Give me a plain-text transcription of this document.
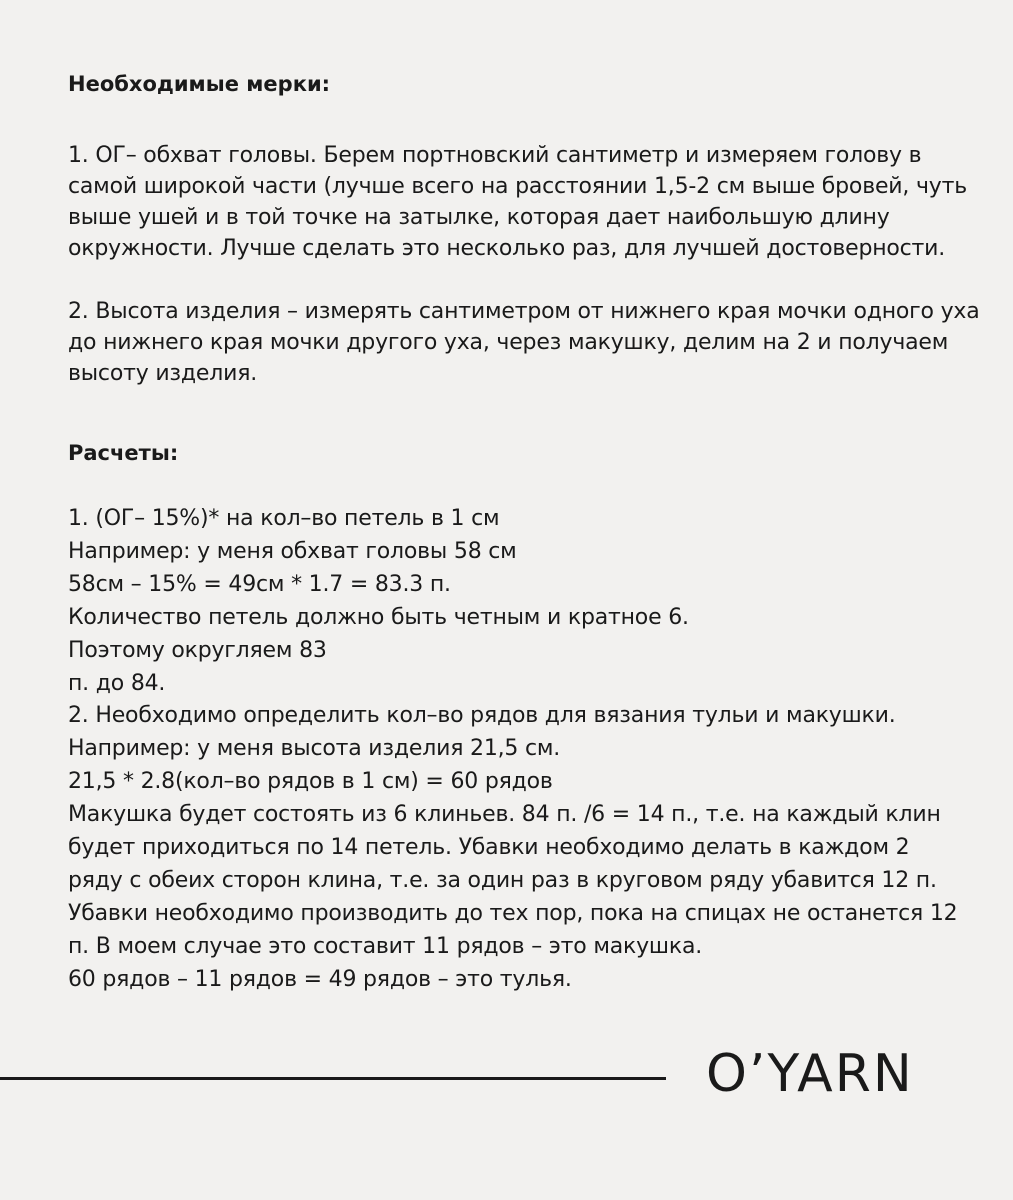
Необходимые мерки:

1. ОГ– обхват головы. Берем портновский сантиметр и измеряем голову в самой широкой части (лучше всего на расстоянии 1,5-2 см выше бровей, чуть выше ушей и в той точке на затылке, которая дает наибольшую длину окружности. Лучше сделать это несколько раз, для лучшей достоверности.

2. Высота изделия – измерять сантиметром от нижнего края мочки одного уха до нижнего края мочки другого уха, через макушку, делим на 2 и получаем высоту изделия.

Расчеты:

1. (ОГ– 15%)* на кол–во петель в 1 см

Например: у меня обхват головы 58 см

58см – 15% = 49см * 1.7 = 83.3 п.

Количество петель должно быть четным и кратное 6.

Поэтому округляем 83

п. до 84.

2. Необходимо определить кол–во рядов для вязания тульи и макушки.

Например: у меня высота изделия 21,5 см.

21,5 * 2.8(кол–во рядов в 1 см) = 60 рядов

Макушка будет состоять из 6 клиньев. 84 п. /6 = 14 п., т.е. на каждый клин

будет приходиться по 14 петель. Убавки необходимо делать в каждом 2

ряду с обеих сторон клина, т.е. за один раз в круговом ряду убавится 12 п.

Убавки необходимо производить до тех пор, пока на спицах не останется 12

п. В моем случае это составит 11 рядов – это макушка.

60 рядов – 11 рядов = 49 рядов – это тулья.

O’YARN
